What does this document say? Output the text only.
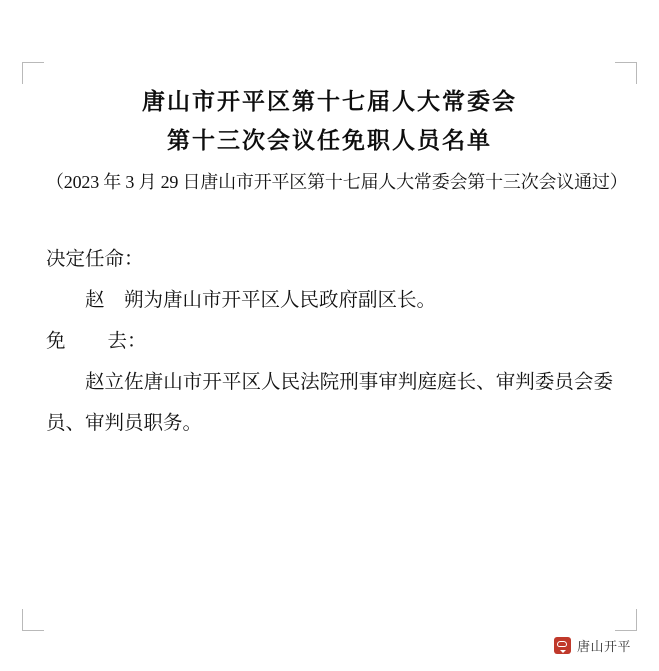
唐山市开平区第十七届人大常委会
第十三次会议任免职人员名单
（2023 年 3 月 29 日唐山市开平区第十七届人大常委会第十三次会议通过）

决定任命：

赵　朔为唐山市开平区人民政府副区长。

免 去：

赵立佐唐山市开平区人民法院刑事审判庭庭长、审判委员会委员、审判员职务。

唐山开平
